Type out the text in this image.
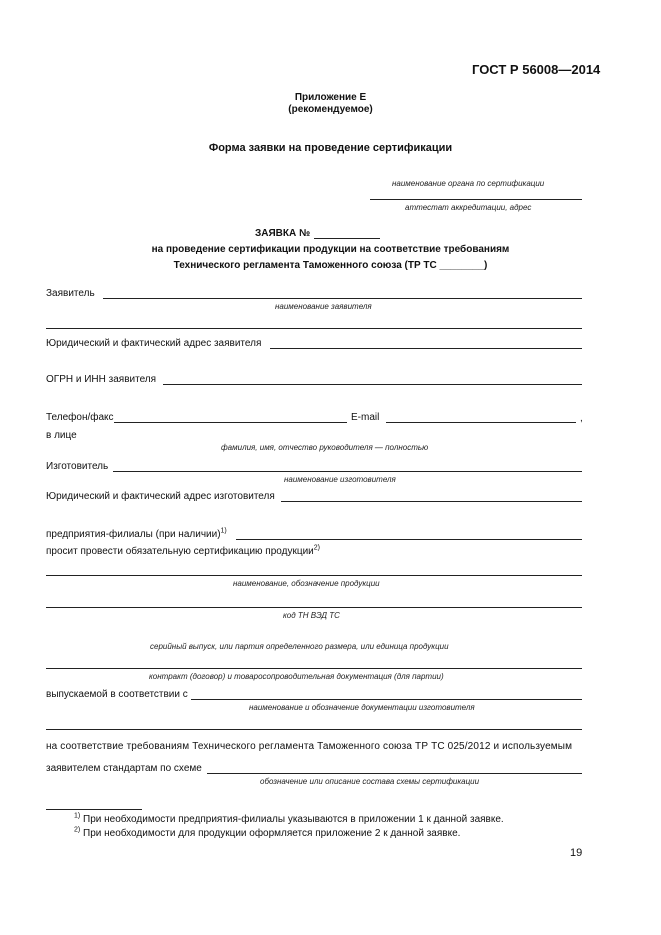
ГОСТ Р 56008—2014
Приложение Е
(рекомендуемое)
Форма заявки на проведение сертификации
наименование органа по сертификации
аттестат аккредитации, адрес
ЗАЯВКА №
на проведение сертификации продукции на соответствие требованиям
Технического регламента Таможенного союза (ТР ТС ________)
Заявитель
наименование заявителя
Юридический и фактический адрес заявителя
ОГРН и ИНН заявителя
Телефон/факс	E-mail	,
в лице
фамилия, имя, отчество руководителя — полностью
Изготовитель
наименование изготовителя
Юридический и фактический адрес изготовителя
предприятия-филиалы (при наличии)$^{1)}$
просит провести обязательную сертификацию продукции$^{2)}$
наименование, обозначение продукции
код ТН ВЭД ТС
серийный выпуск, или партия определенного размера, или единица продукции
контракт (договор) и товаросопроводительная документация (для партии)
выпускаемой в соответствии с
наименование и обозначение документации изготовителя
на соответствие требованиям Технического регламента Таможенного союза ТР ТС 025/2012 и используемым
заявителем стандартам по схеме
обозначение или описание состава схемы сертификации
$^{1)}$ При необходимости предприятия-филиалы указываются в приложении 1 к данной заявке.
$^{2)}$ При необходимости для продукции оформляется приложение 2 к данной заявке.
19
